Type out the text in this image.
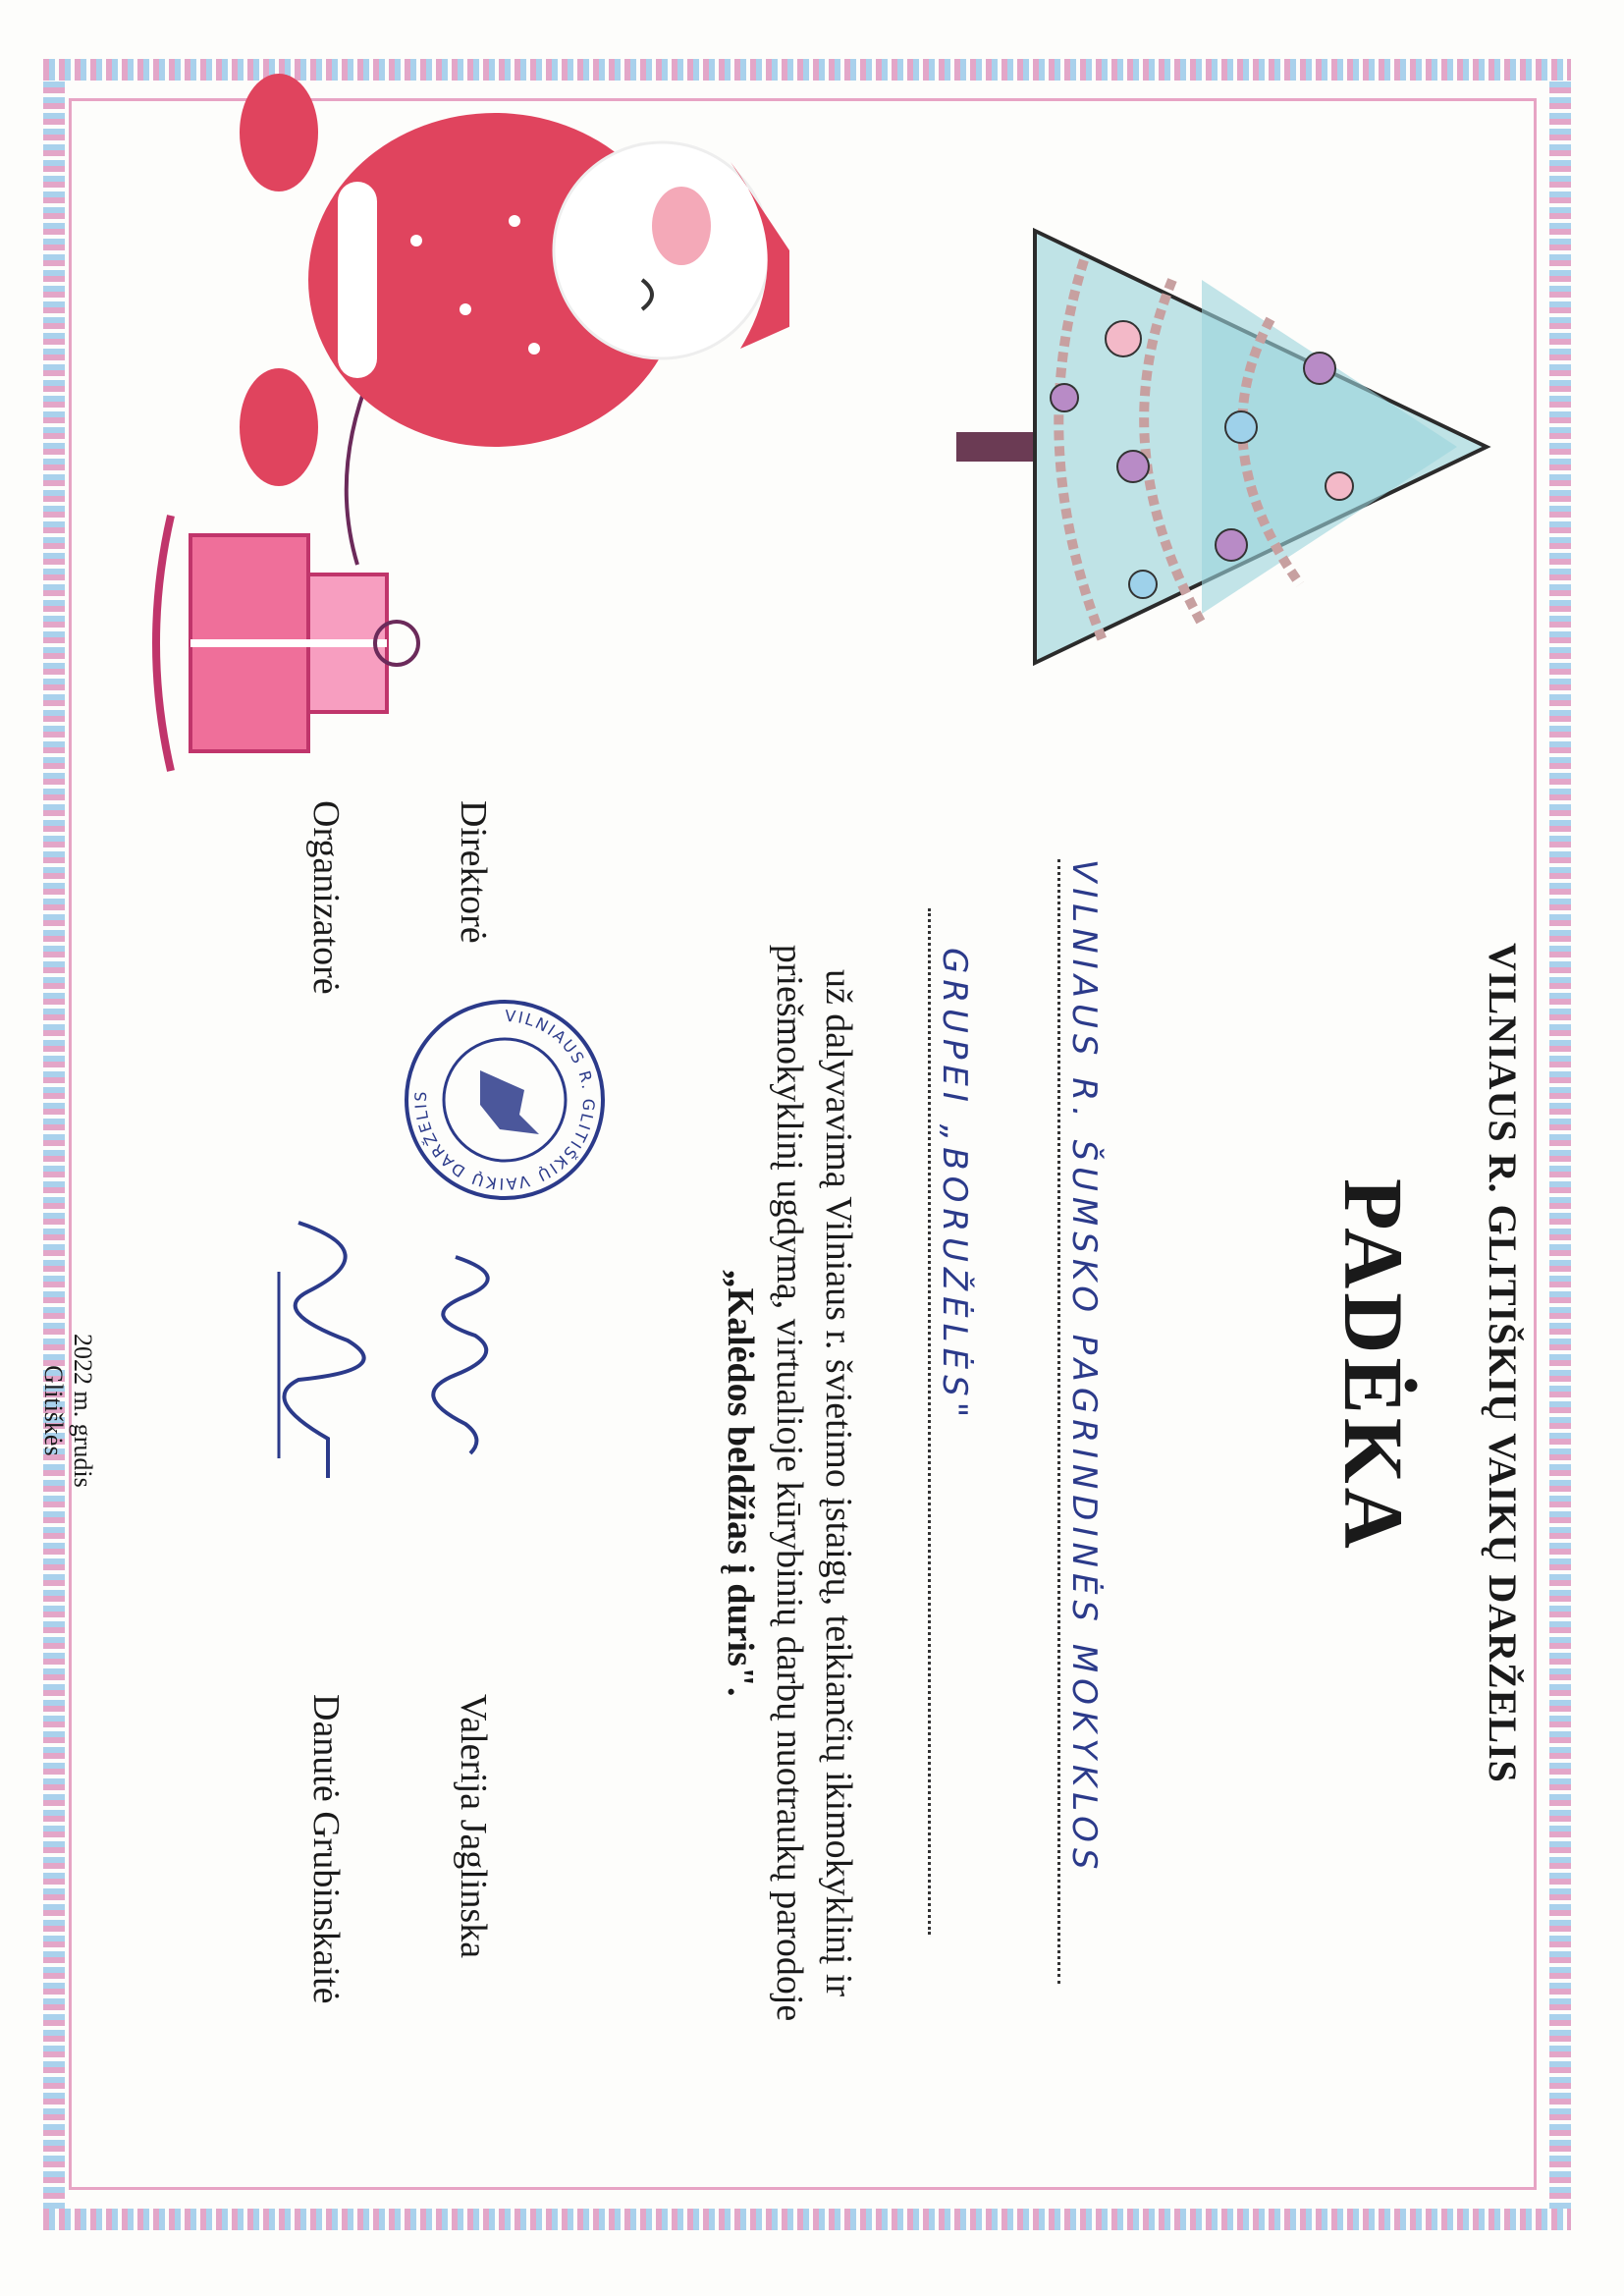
VILNIAUS R. GLITIŠKIŲ VAIKŲ DARŽELIS
PADĖKA
VILNIAUS R. ŠUMSKO PAGRINDINĖS MOKYKLOS
GRUPEI „BORUŽĖLĖS"
už dalyvavimą Vilniaus r. švietimo įstaigų, teikiančių ikimokyklinį ir
priešmokyklinį ugdymą, virtualioje kūrybinių darbų nuotraukų parodoje
„Kalėdos beldžias į duris".
Direktorė
Valerija Jaglinska
Organizatorė
Danutė Grubinskaitė
VILNIAUS R. GLITIŠKIŲ VAIKŲ DARŽELIS
2022 m. grudis
Glitiškės
